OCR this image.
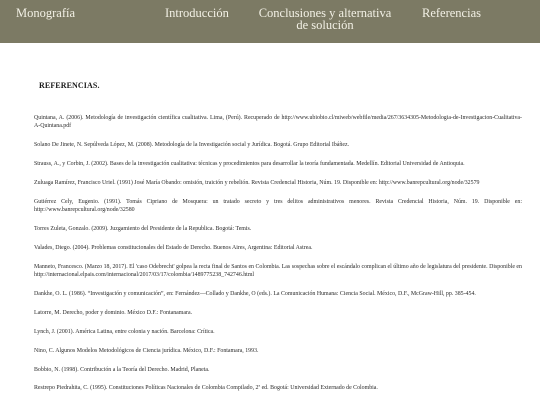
Monografía	Introducción Conclusiones y alternativa de solución
Referencias
REFERENCIAS.

Quintana, A. (2006). Metodología de investigación científica cualitativa. Lima, (Perú). Recuperado de http://www.ubiobio.cl/miweb/webfile/media/267/3634305-Metodologia-de-Investigacion-Cualitativa-A-Quintana.pdf

Solano De Jinete, N. Sepúlveda López, M. (2008). Metodología de la Investigación social y Jurídica. Bogotá. Grupo Editorial Ibáñez.

Strauss, A., y Corbin, J. (2002). Bases de la investigación cualitativa: técnicas y procedimientos para desarrollar la teoría fundamentada. Medellín. Editorial Universidad de Antioquia.

Zuluaga Ramírez, Francisco Uriel. (1991) José María Obando: omisión, traición y rebelión. Revista Credencial Historia, Núm. 19. Disponible en: http://www.banrepcultural.org/node/32579

Gutiérrez Cely, Eugenio. (1991). Tomás Cipriano de Mosquera: un tratado secreto y tres delitos administrativos menores. Revista Credencial Historia, Núm. 19. Disponible en: http://www.banrepcultural.org/node/32580

Torres Zuleta, Gonzalo. (2009). Juzgamiento del Presidente de la Republica. Bogotá: Temis.

Valades, Diego. (2004). Problemas constitucionales del Estado de Derecho. Buenos Aires, Argentina: Editorial Astrea.

Manneto, Francesco. (Marzo 18, 2017). El 'caso Odebrecht' golpea la recta final de Santos en Colombia. Las sospechas sobre el escándalo complican el último año de legislatura del presidente. Disponible en http://internacional.elpais.com/internacional/2017/03/17/colombia/1489775238_742746.html

Dankhe, O. L. (1986). “Investigación y comunicación”, en: Fernández—Collado y Dankhe, O (eds.). La Comunicación Humana: Ciencia Social. México, D.F., McGraw-Hill, pp. 385-454.

Latorre, M. Derecho, poder y dominio. México D.F.: Fontanamara.

Lynch, J. (2001). América Latina, entre colonia y nación. Barcelona: Crítica.

Nino, C. Algunos Modelos Metodológicos de Ciencia jurídica. México, D.F.: Fontamara, 1993.

Bobbio, N. (1998). Contribución a la Teoría del Derecho. Madrid, Planeta.

Restrepo Piedrahita, C. (1995). Constituciones Políticas Nacionales de Colombia Compilado, 2ª ed. Bogotá: Universidad Externado de Colombia.
